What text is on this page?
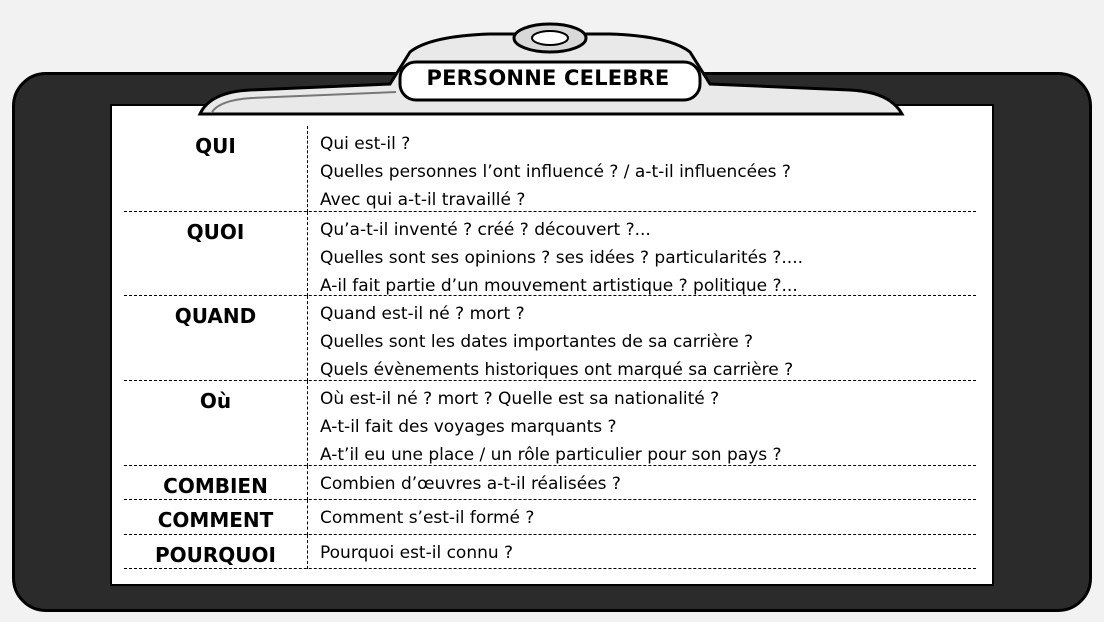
PERSONNE CELEBRE
QUI	Qui est-il ?
Quelles personnes l’ont influencé ? / a-t-il influencées ?
Avec qui a-t-il travaillé ?
QUOI	Qu’a-t-il inventé ? créé ? découvert ?...
Quelles sont ses opinions ? ses idées ? particularités ?....
A-il fait partie d’un mouvement artistique ? politique ?...
QUAND	Quand est-il né ? mort ?
Quelles sont les dates importantes de sa carrière ?
Quels évènements historiques ont marqué sa carrière ?
Où	Où est-il né ? mort ? Quelle est sa nationalité ?
A-t-il fait des voyages marquants ?
A-t’il eu une place / un rôle particulier pour son pays ?
COMBIEN	Combien d’œuvres a-t-il réalisées ?
COMMENT	Comment s’est-il formé ?
POURQUOI	Pourquoi est-il connu ?
